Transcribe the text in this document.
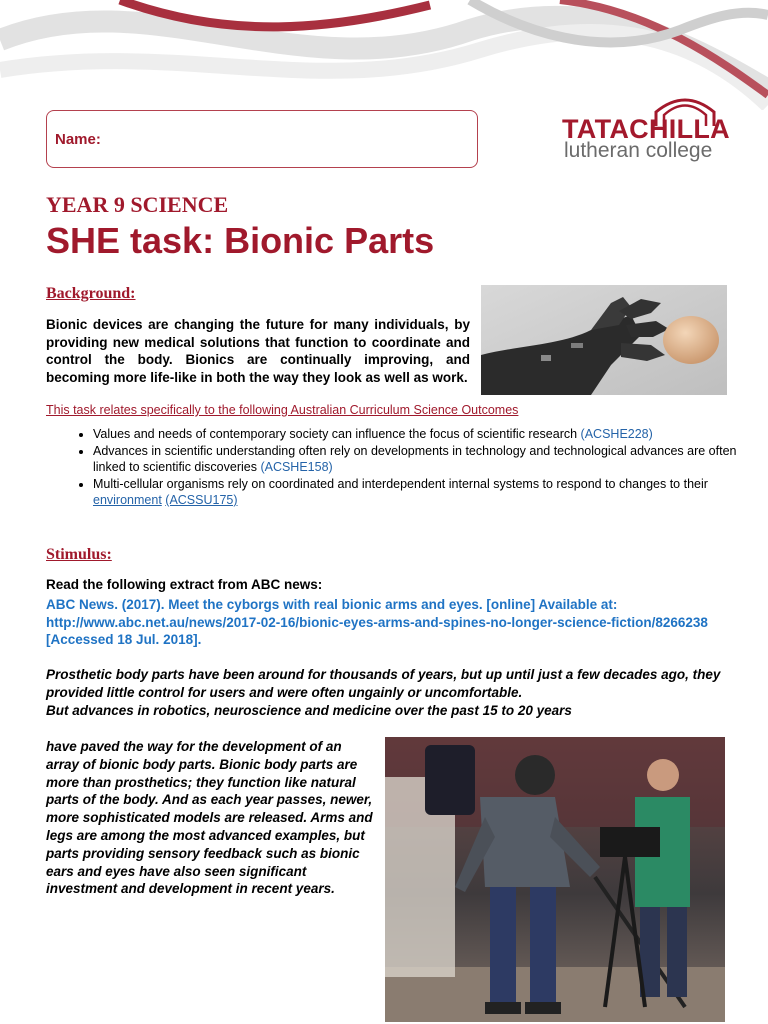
Name:	TATACHILLA
lutheran college
YEAR 9 SCIENCE
SHE task: Bionic Parts
Background:
Bionic devices are changing the future for many individuals, by providing new medical solutions that function to coordinate and control the body. Bionics are continually improving, and becoming more life-like in both the way they look as well as work.
This task relates specifically to the following Australian Curriculum Science Outcomes
• Values and needs of contemporary society can influence the focus of scientific research (ACSHE228)
• Advances in scientific understanding often rely on developments in technology and technological advances are often linked to scientific discoveries (ACSHE158)
• Multi-cellular organisms rely on coordinated and interdependent internal systems to respond to changes to their environment (ACSSU175)
Stimulus:
Read the following extract from ABC news:
ABC News. (2017). Meet the cyborgs with real bionic arms and eyes. [online] Available at: http://www.abc.net.au/news/2017-02-16/bionic-eyes-arms-and-spines-no-longer-science-fiction/8266238 [Accessed 18 Jul. 2018].
Prosthetic body parts have been around for thousands of years, but up until just a few decades ago, they provided little control for users and were often ungainly or uncomfortable.
But advances in robotics, neuroscience and medicine over the past 15 to 20 years
have paved the way for the development of an array of bionic body parts. Bionic body parts are more than prosthetics; they function like natural parts of the body. And as each year passes, newer, more sophisticated models are released. Arms and legs are among the most advanced examples, but parts providing sensory feedback such as bionic ears and eyes have also seen significant investment and development in recent years.
